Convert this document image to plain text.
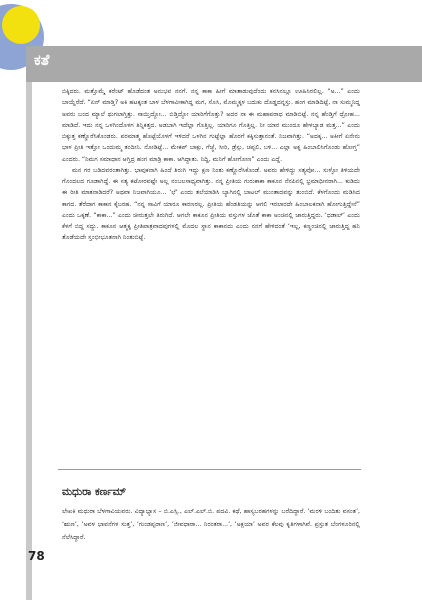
ಕತೆ

ಬಿಕ್ಕಿದರು. ಮತ್ತೊಮ್ಮೆ ಕರೆಂಟ್ ಹೊಡೆದಂತ ಅನುಭವ ನನಗೆ. ನನ್ನ ಕಾಕಾ ಹೀಗೆ ಮಾತಾಡುವುದೆಂದು ಕನಸಿನಲ್ಲೂ ಊಹಿಸಿರಲಿಲ್ಲ. “ಅ...” ಎಂದು ಬಾಯ್ದೆರೆದೆ. “ಏನ್ ಮಾಡ್ತಿ? ಅಕಿ ಹಟಕ್ಕಂತ ಬಾಳ ಬೆಳಗಾವೀಕಾಗಿದ್ದ ಮಗ, ಸೊಸಿ, ಮೊಮ್ಮಕ್ಕಳ ಬದುಕು ದೊಡ್ಡದನ್ನಸ್ತು. ಹಂಗ ಮಾಡಿದಿಟ್ಟೆ, ನಾ ಸುಮ್ಮನಿದ್ದ ಅವರು ಬಂದ ಮ್ಯಾಲೆ ಥುಗಲಾಗ್ತಿತ್ತು. ಸಾಯ್ತಿದ್ದೋ... ಬಿಡ್ತಿದ್ದೋ ಯಾರಿಗೆಗೊತ್ತು? ಅದರ ನಾ ಈ ಮಹಾಪರಾಧ ಮಾಡಿಬಿಟ್ಟೆ. ನನ್ನ ಹೆಂಡ್ತಿಗೆ ದ್ರೋಹ... ಮಾಡಿದೆ. ಇದು ನನ್ನ ಒಳಗಿಂದೊಳಗ ತಿನ್ನಿಕತ್ತದ. ಅಡಬಾಗಿ ಇದೆಲ್ಲಾ ಗೊತ್ತಿಲ್ಲ. ಯಾರಿಗೂ ಗೊತ್ತಿಲ್ಲ. ನೀ ಯಾರ ಮುಂದೂ ಹೇಳಬ್ಯಾಡ ಮತ್ತ...” ಎಂದು ಬಿಕ್ಕುತ್ತ ಕಣ್ಣೊರೆಸಿಕೊಂಡರು. ಪರಮಾತ್ಮ ಹೊಟ್ಟೆಯೊಳಗೆ ಇಳಿದರೆ ಒಳಗಿನ ಗುಟ್ಟೆಲ್ಲಾ ಹೊರಗೆ ಕಕ್ಕಿಸುತ್ತಾನಂತೆ. ನಿಜವಾಗಿತ್ತು. “ಅದಕ್ಕ... ಅಕೀಗೆ ಏನೇನು ಭಾಳ ಪ್ರೀತಿ ಇತ್ತೋ ಒಂದುಮ್ಮ ತಂದೀನಿ. ನೋಡಿಟ್ಟೆ... ಮೇಕಪ್ ಬಾಕ್ಸು, ಗೆಜ್ಜೆ, ಸೀರಿ, ಡ್ರೆಸ್ಸು, ಚಪ್ಪಲಿ, ಬಳಿ... ಎಲ್ಲಾ ಅಕ್ನ ಹಿಂಬಾಲಿಸಿಗೊಂಡು ಹೋಗ್ತ” ಎಂದರು. “ನಿಮಗ ಸಮಾಧಾನ ಆಗ್ತಿದ್ರ ಹಂಗ ಮಾಡ್ರಿ ಕಾಕಾ. ಆಗಿದ್ದಾತು. ನಿದ್ದಿ, ಮನಿಗೆ ಹೋಗೋಣ” ಎಂದು ಎದ್ದೆ.

ಮನ ಗರ ಬಡಿದವರಂತಾಗಿತ್ತು. ಭಾವುಕನಾಗಿ ಹಿಂದೆ ತಿರುಗಿ ಇದ್ದು ಕ್ಷಣ ನಿಂತು ಕಣ್ಣೊರೆಸಿಕೊಂಡೆ. ಅವರು ಹೇಳಿದ್ದು ಸತ್ಯವೋ... ಸುಳ್ಳೋ ತಿಳಿಯದೇ ಗೊಂದಲದ ಗೂಡಾಗಿದ್ದೆ. ಈ ಸತ್ಯ ಕಟೋರವಷ್ಟೇ ಅಲ್ಲ ನಂಬಲಸಾಧ್ಯವಾಗಿತ್ತು. ನನ್ನ ಪ್ರೀತಿಯ ಗುರುಕಾಕಾ ಕಾಕೂನ ನೆನಪಿನಲ್ಲಿ ಭ್ರಮಾಧೀನರಾಗಿ... ಕುಡಿದು ಈ ರೀತಿ ಮಾತನಾಡಿದರೆ? ಅಥವಾ ನಿಜವಾಗಿಯೂ... ‘ಛೆ’ ಎಂದು ತಲೆಯಾಡಿಸಿ ಬ್ಯಾಗಿನಲ್ಲಿ ಬಾಟಲ್ ಮುಂತಾದವನ್ನು ತುಂಬಿದೆ. ಕೆಳಗೊಂದು ಮಡಿಸಿದ ಕಾಗದ. ತೆರೆದಾಗ ಕಾಕಾನ ಕೈಬರಹ. “ನನ್ನ ಸಾವಿಗೆ ಯಾರೂ ಕಾರಣರಲ್ಲ. ಪ್ರೀತಿಯ ಹೆಂಡತಿಯನ್ನು ಆಗಲಿ ಇರಲಾರದೇ ಹಿಂಬಾಲಕನಾಗಿ ಹೋಗುತ್ತಿದ್ದೇನೆ” ಎಂದು ಒಕ್ಕಣೆ. “ಕಾಕಾ...” ಎಂದು ಚೀರುತ್ತಲೇ ತಿರುಗಿದೆ. ಆಗಲೇ ಕಾಕೂನ ಪ್ರೀತಿಯ ವಸ್ತುಗಳ ಜೊತೆ ಕಾಕಾ ಅಂಚಿನಲ್ಲಿ ಜಾರುತ್ತಿದ್ದರು. ‘ಧಡಾಲ್’ ಎಂದು ಕೆಳಗೆ ಬಿದ್ದ ಸದ್ದು. ಕಾಕೂನ ಆತ್ಮಕ್ಕ ಪ್ರೀತಿಪಾತ್ರವಾದವುಗಳಲ್ಲಿ ಮೊದಲ ಸ್ಥಾನ ಕಾಕಾನದು ಎಂದು ನನಗೆ ಹೇಳಿದಂತೆ ‘ಇಲ್ಲ, ಕಣ್ಣಂಚಿನಲ್ಲಿ ಜಾರುತ್ತಿದ್ದ ಹನಿ ತೊಡೆಯದೇ ಸ್ತಂಭೀಭೂತನಾಗಿ ನಿಂತುಬಿಟ್ಟೆ.

ಮಧುರಾ ಕರ್ಣಮ್

ಲೇಖಕಿ ಮಧುರಾ ಬೆಳಗಾವಿಯವರು. ವಿದ್ಯಾಭ್ಯಾಸ – ಬಿ.ಎಸ್ಸಿ., ಎಲ್.ಎಲ್.ಬಿ. ಪದವಿ. ಕಥೆ, ಹಾಸ್ಯಬರಹಗಳನ್ನು ಬರೆದಿದ್ದಾರೆ. ‘ಮರಳಿ ಬಂದಿತು ವಸಂತ’, ‘ಋಣ’, ‘ಅವಳ ಭಾವನೆಗಳ ಸುತ್ತ’, ‘ಗುಂಡಪ್ಪರಾಣ’, ‘ಜೀವಧಾರಾ... ನಿರಂತರಾ...’, ‘ಅಕ್ಷಯಾ’ ಅವರ ಕೆಲವು ಕೃತಿಗಳಾಗಿವೆ. ಪ್ರಸ್ತುತ ಬೆಂಗಳೂರಿನಲ್ಲಿ ನೆಲೆಸಿದ್ದಾರೆ.

78
